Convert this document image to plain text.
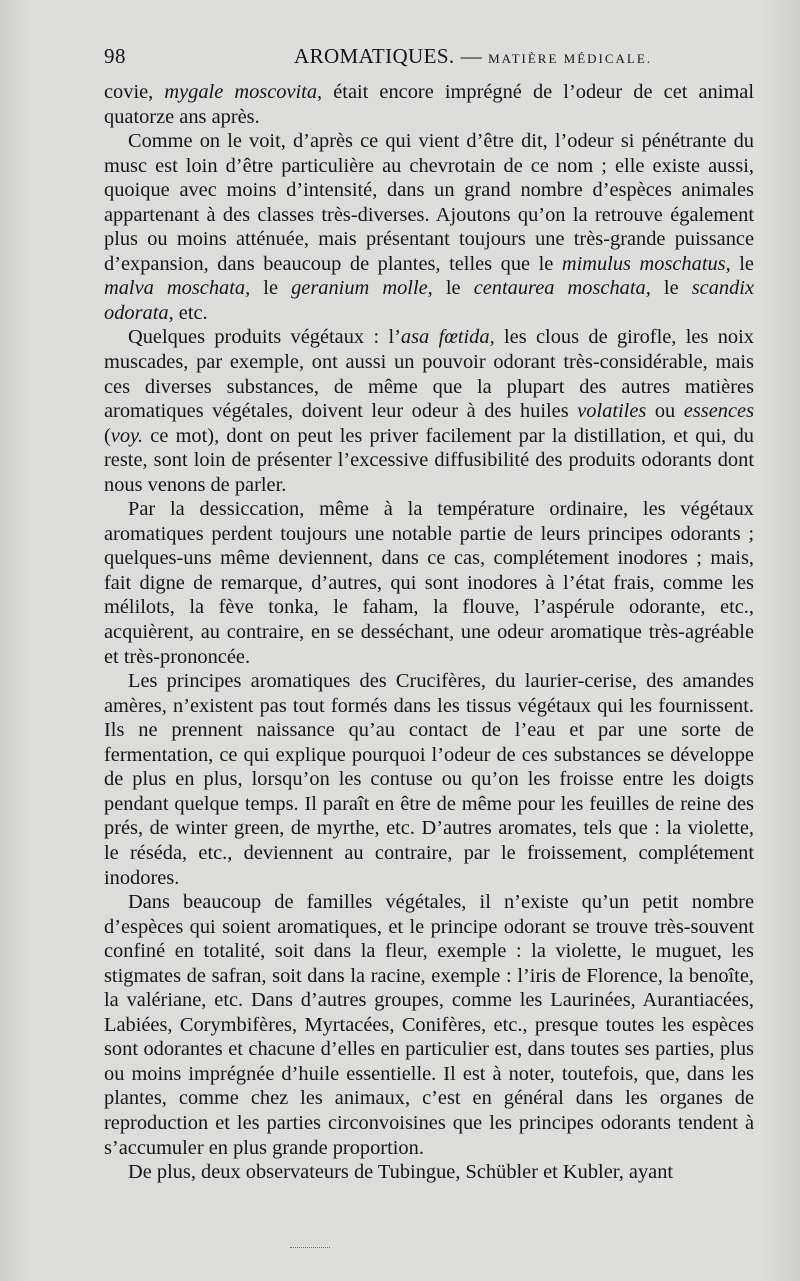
98	AROMATIQUES. — MATIÈRE MÉDICALE.

covie, mygale moscovita, était encore imprégné de l’odeur de cet animal quatorze ans après.

Comme on le voit, d’après ce qui vient d’être dit, l’odeur si pénétrante du musc est loin d’être particulière au chevrotain de ce nom ; elle existe aussi, quoique avec moins d’intensité, dans un grand nombre d’espèces animales appartenant à des classes très-diverses. Ajoutons qu’on la retrouve également plus ou moins atténuée, mais présentant toujours une très-grande puissance d’expansion, dans beaucoup de plantes, telles que le mimulus moschatus, le malva moschata, le geranium molle, le centaurea moschata, le scandix odorata, etc.

Quelques produits végétaux : l’asa fœtida, les clous de girofle, les noix muscades, par exemple, ont aussi un pouvoir odorant très-considérable, mais ces diverses substances, de même que la plupart des autres matières aromatiques végétales, doivent leur odeur à des huiles volatiles ou essences (voy. ce mot), dont on peut les priver facilement par la distillation, et qui, du reste, sont loin de présenter l’excessive diffusibilité des produits odorants dont nous venons de parler.

Par la dessiccation, même à la température ordinaire, les végétaux aromatiques perdent toujours une notable partie de leurs principes odorants ; quelques-uns même deviennent, dans ce cas, complétement inodores ; mais, fait digne de remarque, d’autres, qui sont inodores à l’état frais, comme les mélilots, la fève tonka, le faham, la flouve, l’aspérule odorante, etc., acquièrent, au contraire, en se desséchant, une odeur aromatique très-agréable et très-prononcée.

Les principes aromatiques des Crucifères, du laurier-cerise, des amandes amères, n’existent pas tout formés dans les tissus végétaux qui les fournissent. Ils ne prennent naissance qu’au contact de l’eau et par une sorte de fermentation, ce qui explique pourquoi l’odeur de ces substances se développe de plus en plus, lorsqu’on les contuse ou qu’on les froisse entre les doigts pendant quelque temps. Il paraît en être de même pour les feuilles de reine des prés, de winter green, de myrthe, etc. D’autres aromates, tels que : la violette, le réséda, etc., deviennent au contraire, par le froissement, complétement inodores.

Dans beaucoup de familles végétales, il n’existe qu’un petit nombre d’espèces qui soient aromatiques, et le principe odorant se trouve très-souvent confiné en totalité, soit dans la fleur, exemple : la violette, le muguet, les stigmates de safran, soit dans la racine, exemple : l’iris de Florence, la benoîte, la valériane, etc. Dans d’autres groupes, comme les Laurinées, Aurantiacées, Labiées, Corymbifères, Myrtacées, Conifères, etc., presque toutes les espèces sont odorantes et chacune d’elles en particulier est, dans toutes ses parties, plus ou moins imprégnée d’huile essentielle. Il est à noter, toutefois, que, dans les plantes, comme chez les animaux, c’est en général dans les organes de reproduction et les parties circonvoisines que les principes odorants tendent à s’accumuler en plus grande proportion.

De plus, deux observateurs de Tubingue, Schübler et Kubler, ayant
